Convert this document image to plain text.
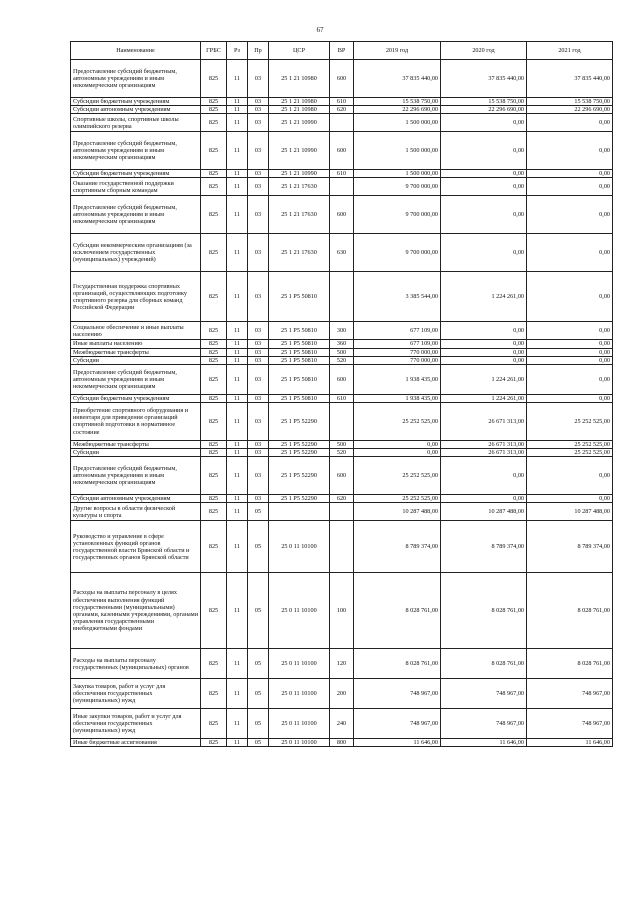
67
Наименование	ГРБС	Рз	Пр	ЦСР	ВР	2019 год	2020 год	2021 год
Предоставление субсидий бюджетным, автономным учреждениям и иным некоммерческим организациям	825	11	03	25 1 21 10980	600	37 835 440,00	37 835 440,00	37 835 440,00
Субсидии бюджетным учреждениям	825	11	03	25 1 21 10980	610	15 538 750,00	15 538 750,00	15 538 750,00
Субсидии автономным учреждениям	825	11	03	25 1 21 10980	620	22 296 690,00	22 296 690,00	22 296 690,00
Спортивные школы, спортивные школы олимпийского резерва	825	11	03	25 1 21 10990		1 500 000,00	0,00	0,00
Предоставление субсидий бюджетным, автономным учреждениям и иным некоммерческим организациям	825	11	03	25 1 21 10990	600	1 500 000,00	0,00	0,00
Субсидии бюджетным учреждениям	825	11	03	25 1 21 10990	610	1 500 000,00	0,00	0,00
Оказание государственной поддержки спортивным сборным командам	825	11	03	25 1 21 17630		9 700 000,00	0,00	0,00
Предоставление субсидий бюджетным, автономным учреждениям и иным некоммерческим организациям	825	11	03	25 1 21 17630	600	9 700 000,00	0,00	0,00
Субсидии некоммерческим организациям (за исключением государственных (муниципальных) учреждений)	825	11	03	25 1 21 17630	630	9 700 000,00	0,00	0,00
Государственная поддержка спортивных организаций, осуществляющих подготовку спортивного резерва для сборных команд Российской Федерации	825	11	03	25 1 P5 50810		3 385 544,00	1 224 261,00	0,00
Социальное обеспечение и иные выплаты населению	825	11	03	25 1 P5 50810	300	677 109,00	0,00	0,00
Иные выплаты населению	825	11	03	25 1 P5 50810	360	677 109,00	0,00	0,00
Межбюджетные трансферты	825	11	03	25 1 P5 50810	500	770 000,00	0,00	0,00
Субсидии	825	11	03	25 1 P5 50810	520	770 000,00	0,00	0,00
Предоставление субсидий бюджетным, автономным учреждениям и иным некоммерческим организациям	825	11	03	25 1 P5 50810	600	1 938 435,00	1 224 261,00	0,00
Субсидии бюджетным учреждениям	825	11	03	25 1 P5 50810	610	1 938 435,00	1 224 261,00	0,00
Приобретение спортивного оборудования и инвентаря для приведения организаций спортивной подготовки в нормативное состояние	825	11	03	25 1 P5 52290		25 252 525,00	26 671 313,00	25 252 525,00
Межбюджетные трансферты	825	11	03	25 1 P5 52290	500	0,00	26 671 313,00	25 252 525,00
Субсидии	825	11	03	25 1 P5 52290	520	0,00	26 671 313,00	25 252 525,00
Предоставление субсидий бюджетным, автономным учреждениям и иным некоммерческим организациям	825	11	03	25 1 P5 52290	600	25 252 525,00	0,00	0,00
Субсидии автономным учреждениям	825	11	03	25 1 P5 52290	620	25 252 525,00	0,00	0,00
Другие вопросы в области физической культуры и спорта	825	11	05			10 287 488,00	10 287 488,00	10 287 488,00
Руководство и управление в сфере установленных функций органов государственной власти Брянской области и государственных органов Брянской области	825	11	05	25 0 11 10100		8 789 374,00	8 789 374,00	8 789 374,00
Расходы на выплаты персоналу в целях обеспечения выполнения функций государственными (муниципальными) органами, казенными учреждениями, органами управления государственными внебюджетными фондами	825	11	05	25 0 11 10100	100	8 028 761,00	8 028 761,00	8 028 761,00
Расходы на выплаты персоналу государственных (муниципальных) органов	825	11	05	25 0 11 10100	120	8 028 761,00	8 028 761,00	8 028 761,00
Закупка товаров, работ и услуг для обеспечения государственных (муниципальных) нужд	825	11	05	25 0 11 10100	200	748 967,00	748 967,00	748 967,00
Иные закупки товаров, работ и услуг для обеспечения государственных (муниципальных) нужд	825	11	05	25 0 11 10100	240	748 967,00	748 967,00	748 967,00
Иные бюджетные ассигнования	825	11	05	25 0 11 10100	800	11 646,00	11 646,00	11 646,00
